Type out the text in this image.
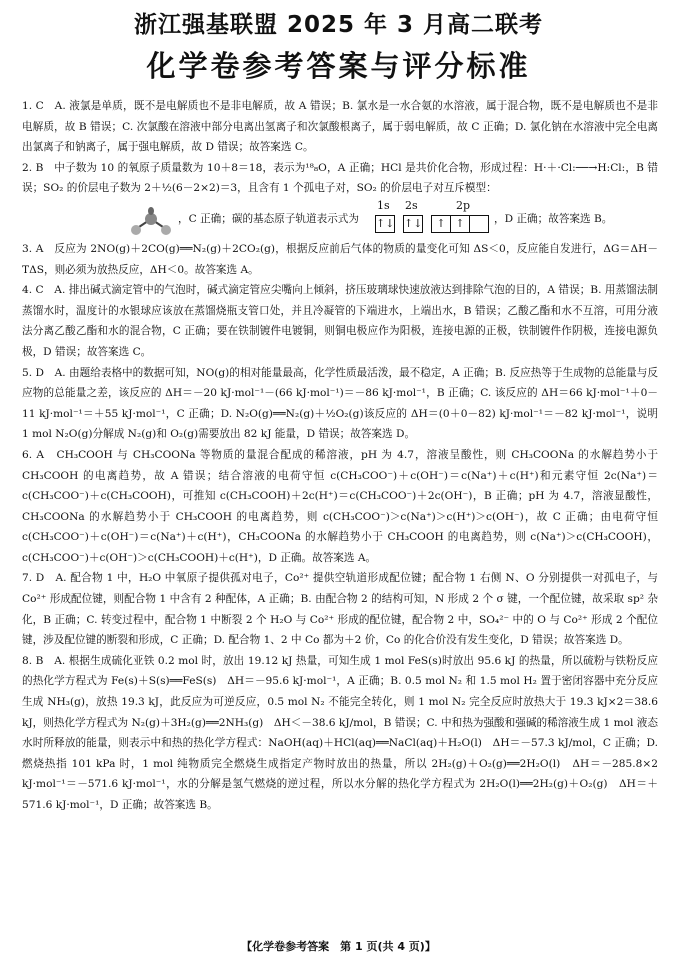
浙江强基联盟 2025 年 3 月高二联考
化学卷参考答案与评分标准

1. C　A. 液氯是单质，既不是电解质也不是非电解质，故 A 错误；B. 氯水是一水合氨的水溶液，属于混合物，既不是电解质也不是非电解质，故 B 错误；C. 次氯酸在溶液中部分电离出氢离子和次氯酸根离子，属于弱电解质，故 C 正确；D. 氯化钠在水溶液中完全电离出氯离子和钠离子，属于强电解质，故 D 错误；故答案选 C。

2. B　中子数为 10 的氧原子质量数为 10＋8＝18，表示为¹⁸₈O，A 正确；HCl 是共价化合物，形成过程：H·＋·Cl:──→H:Cl:，B 错误；SO₂ 的价层电子数为 2＋½(6－2×2)＝3，且含有 1 个孤电子对，SO₂ 的价层电子对互斥模型：

，C 正确；碳的基态原子轨道表示式为
1s 2s	2p
↑↓ ↑↓	↑ ↑	，D 正确；故答案选 B。

3. A　反应为 2NO(g)＋2CO(g)══N₂(g)＋2CO₂(g)，根据反应前后气体的物质的量变化可知 ΔS＜0，反应能自发进行，ΔG＝ΔH－TΔS，则必须为放热反应，ΔH＜0。故答案选 A。

4. C　A. 排出碱式滴定管中的气泡时，碱式滴定管应尖嘴向上倾斜，挤压玻璃球快速放液达到排除气泡的目的，A 错误；B. 用蒸馏法制蒸馏水时，温度计的水银球应该放在蒸馏烧瓶支管口处，并且冷凝管的下端进水，上端出水，B 错误；乙酸乙酯和水不互溶，可用分液法分离乙酸乙酯和水的混合物，C 正确；要在铁制镀件电镀铜，则铜电极应作为阳极，连接电源的正极，铁制镀件作阴极，连接电源负极，D 错误；故答案选 C。

5. D　A. 由题给表格中的数据可知，NO(g)的相对能量最高，化学性质最活泼，最不稳定，A 正确；B. 反应热等于生成物的总能量与反应物的总能量之差，该反应的 ΔH＝－20 kJ·mol⁻¹－(66 kJ·mol⁻¹)＝－86 kJ·mol⁻¹，B 正确；C. 该反应的 ΔH＝66 kJ·mol⁻¹＋0－11 kJ·mol⁻¹＝＋55 kJ·mol⁻¹，C 正确；D. N₂O(g)══N₂(g)＋½O₂(g)该反应的 ΔH＝(0＋0－82) kJ·mol⁻¹＝－82 kJ·mol⁻¹，说明 1 mol N₂O(g)分解成 N₂(g)和 O₂(g)需要放出 82 kJ 能量，D 错误；故答案选 D。

6. A　CH₃COOH 与 CH₃COONa 等物质的量混合配成的稀溶液，pH 为 4.7，溶液呈酸性，则 CH₃COONa 的水解趋势小于 CH₃COOH 的电离趋势，故 A 错误；结合溶液的电荷守恒 c(CH₃COO⁻)＋c(OH⁻)＝c(Na⁺)＋c(H⁺)和元素守恒 2c(Na⁺)＝c(CH₃COO⁻)＋c(CH₃COOH)，可推知 c(CH₃COOH)＋2c(H⁺)＝c(CH₃COO⁻)＋2c(OH⁻)，B 正确；pH 为 4.7，溶液显酸性，CH₃COONa 的水解趋势小于 CH₃COOH 的电离趋势，则 c(CH₃COO⁻)＞c(Na⁺)＞c(H⁺)＞c(OH⁻)，故 C 正确；由电荷守恒 c(CH₃COO⁻)＋c(OH⁻)＝c(Na⁺)＋c(H⁺)，CH₃COONa 的水解趋势小于 CH₃COOH 的电离趋势，则 c(Na⁺)＞c(CH₃COOH)，c(CH₃COO⁻)＋c(OH⁻)＞c(CH₃COOH)＋c(H⁺)，D 正确。故答案选 A。

7. D　A. 配合物 1 中，H₂O 中氧原子提供孤对电子，Co²⁺ 提供空轨道形成配位键；配合物 1 右侧 N、O 分别提供一对孤电子，与 Co²⁺ 形成配位键，则配合物 1 中含有 2 种配体，A 正确；B. 由配合物 2 的结构可知，N 形成 2 个 σ 键，一个配位键，故采取 sp² 杂化，B 正确；C. 转变过程中，配合物 1 中断裂 2 个 H₂O 与 Co²⁺ 形成的配位键，配合物 2 中，SO₄²⁻ 中的 O 与 Co²⁺ 形成 2 个配位键，涉及配位键的断裂和形成，C 正确；D. 配合物 1、2 中 Co 都为＋2 价，Co 的化合价没有发生变化，D 错误；故答案选 D。

8. B　A. 根据生成硫化亚铁 0.2 mol 时，放出 19.12 kJ 热量，可知生成 1 mol FeS(s)时放出 95.6 kJ 的热量，所以硫粉与铁粉反应的热化学方程式为 Fe(s)＋S(s)══FeS(s)　ΔH＝－95.6 kJ·mol⁻¹，A 正确；B. 0.5 mol N₂ 和 1.5 mol H₂ 置于密闭容器中充分反应生成 NH₃(g)，放热 19.3 kJ，此反应为可逆反应，0.5 mol N₂ 不能完全转化，则 1 mol N₂ 完全反应时放热大于 19.3 kJ×2＝38.6 kJ，则热化学方程式为 N₂(g)＋3H₂(g)══2NH₃(g)　ΔH＜－38.6 kJ/mol，B 错误；C. 中和热为强酸和强碱的稀溶液生成 1 mol 液态水时所释放的能量，则表示中和热的热化学方程式：NaOH(aq)＋HCl(aq)══NaCl(aq)＋H₂O(l)　ΔH＝－57.3 kJ/mol，C 正确；D. 燃烧热指 101 kPa 时，1 mol 纯物质完全燃烧生成指定产物时放出的热量，所以 2H₂(g)＋O₂(g)══2H₂O(l)　ΔH＝－285.8×2 kJ·mol⁻¹＝－571.6 kJ·mol⁻¹，水的分解是氢气燃烧的逆过程，所以水分解的热化学方程式为 2H₂O(l)══2H₂(g)＋O₂(g)　ΔH＝＋571.6 kJ·mol⁻¹，D 正确；故答案选 B。

【化学卷参考答案　第 1 页(共 4 页)】
